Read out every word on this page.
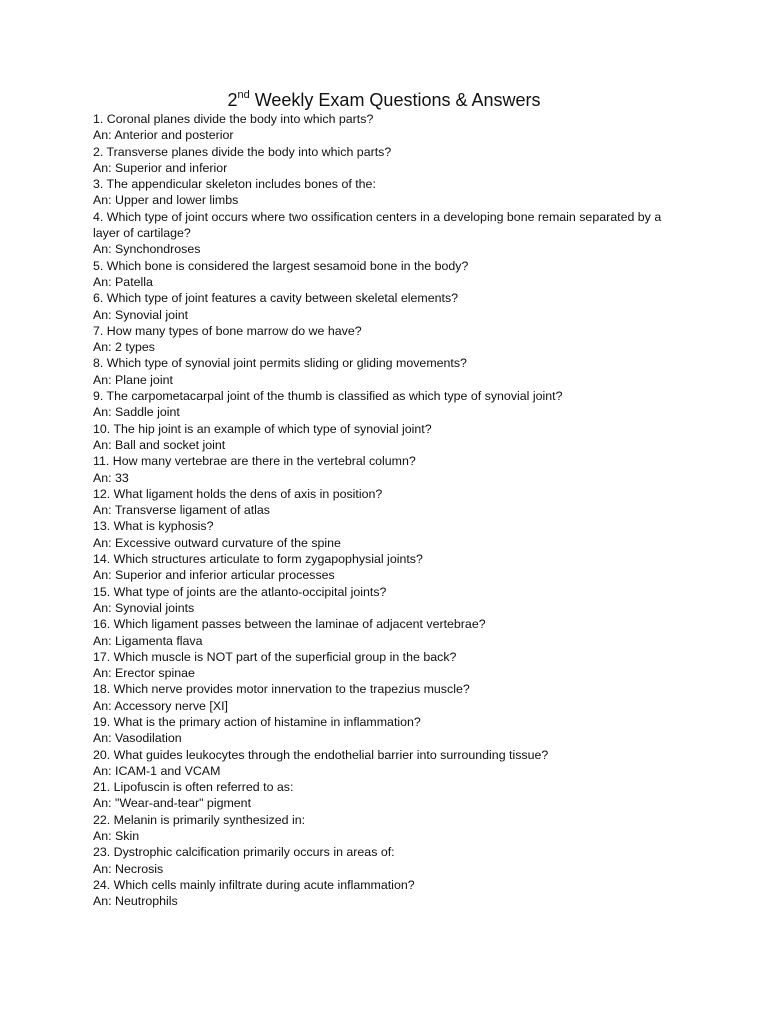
2nd Weekly Exam Questions & Answers
1. Coronal planes divide the body into which parts?
An: Anterior and posterior
2. Transverse planes divide the body into which parts?
An: Superior and inferior
3. The appendicular skeleton includes bones of the:
An: Upper and lower limbs
4. Which type of joint occurs where two ossification centers in a developing bone remain separated by a layer of cartilage?
An: Synchondroses
5. Which bone is considered the largest sesamoid bone in the body?
An: Patella
6. Which type of joint features a cavity between skeletal elements?
An: Synovial joint
7. How many types of bone marrow do we have?
An: 2 types
8. Which type of synovial joint permits sliding or gliding movements?
An: Plane joint
9. The carpometacarpal joint of the thumb is classified as which type of synovial joint?
An: Saddle joint
10. The hip joint is an example of which type of synovial joint?
An: Ball and socket joint
11. How many vertebrae are there in the vertebral column?
An: 33
12. What ligament holds the dens of axis in position?
An: Transverse ligament of atlas
13. What is kyphosis?
An: Excessive outward curvature of the spine
14. Which structures articulate to form zygapophysial joints?
An: Superior and inferior articular processes
15. What type of joints are the atlanto-occipital joints?
An: Synovial joints
16. Which ligament passes between the laminae of adjacent vertebrae?
An: Ligamenta flava
17. Which muscle is NOT part of the superficial group in the back?
An: Erector spinae
18. Which nerve provides motor innervation to the trapezius muscle?
An: Accessory nerve [XI]
19. What is the primary action of histamine in inflammation?
An: Vasodilation
20. What guides leukocytes through the endothelial barrier into surrounding tissue?
An: ICAM-1 and VCAM
21. Lipofuscin is often referred to as:
An: "Wear-and-tear" pigment
22. Melanin is primarily synthesized in:
An: Skin
23. Dystrophic calcification primarily occurs in areas of:
An: Necrosis
24. Which cells mainly infiltrate during acute inflammation?
An: Neutrophils
